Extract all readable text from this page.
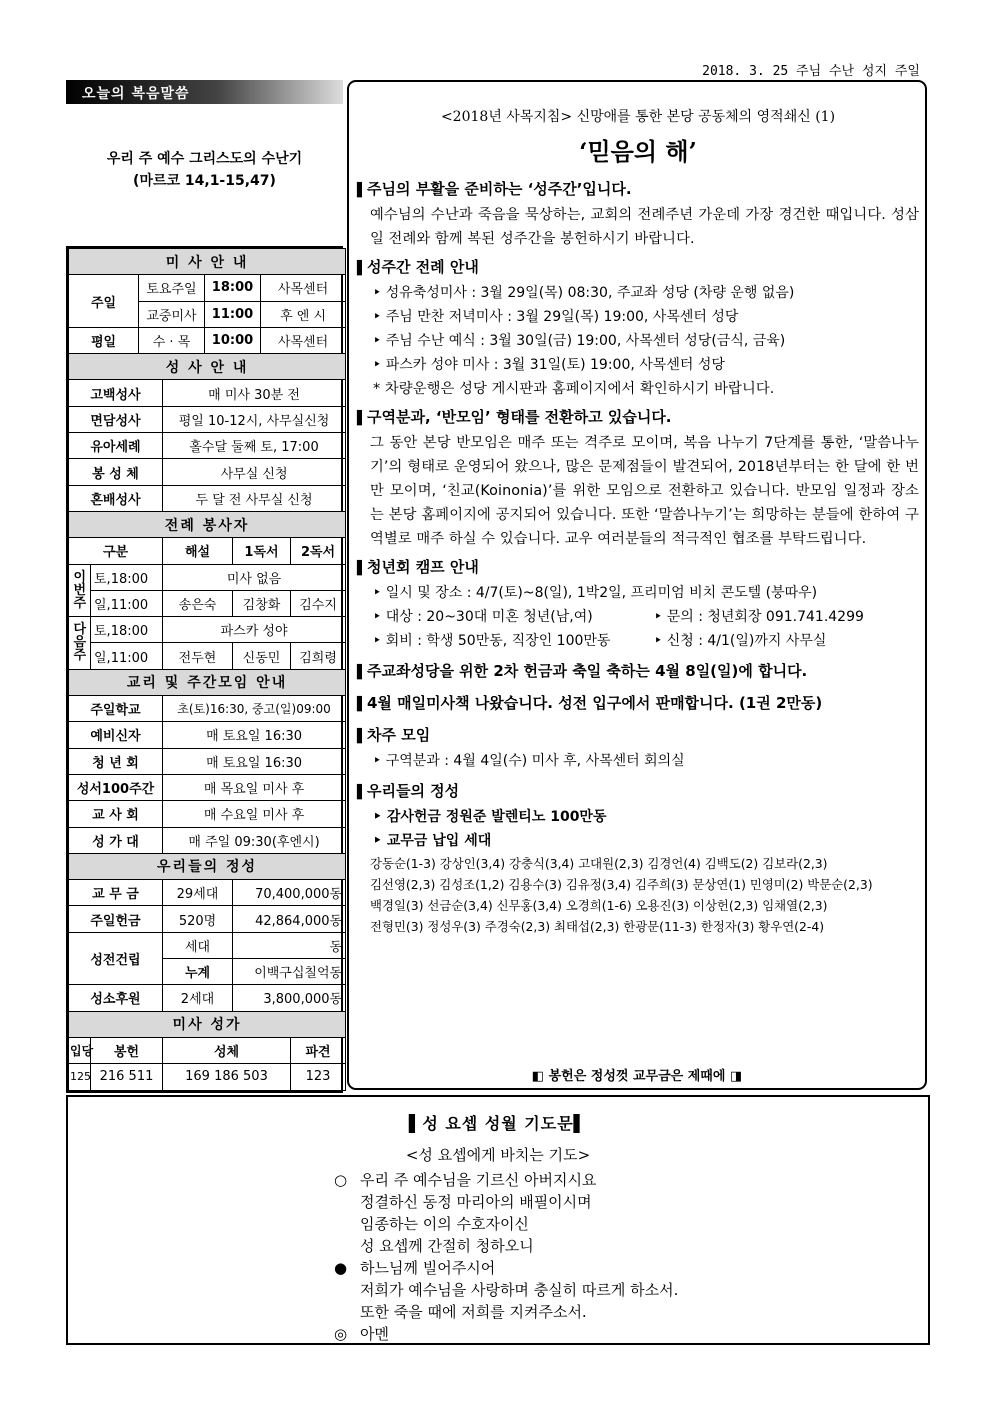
2018. 3. 25 주님 수난 성지 주일
오늘의 복음말씀
우리 주 예수 그리스도의 수난기
(마르코 14,1-15,47)
미 사 안 내							
주일		토요주일		18:00		사목센터	
		교중미사		11:00		후 엔 시	
평일		수 · 목		10:00		사목센터	
성 사 안 내							
고백성사			매 미사 30분 전				
면담성사			평일 10-12시, 사무실신청				
유아세례			홀수달 둘째 토, 17:00				
봉 성 체			사무실 신청				
혼배성사			두 달 전 사무실 신청				
전례 봉사자							
구분			해설		1독서		2독서

이번주	토,18:00		미사 없음				
	일,11:00		송은숙		김창화		김수지

다음주	토,18:00		파스카 성야				
	일,11:00		전두현		신동민		김희령
교리 및 주간모임 안내							
주일학교			초(토)16:30, 중고(일)09:00				
예비신자			매 토요일 16:30				
청 년 회			매 토요일 16:30				
성서100주간			매 목요일 미사 후				
교 사 회			매 수요일 미사 후				
성 가 대			매 주일 09:30(후엔시)				
우리들의 정성							
교 무 금			29세대		70,400,000동		
주일헌금			520명		42,864,000동		
성전건립			세대		동		
			누계		이백구십칠억동		
성소후원			2세대		3,800,000동		
미사 성가							
입당	봉헌		성체				파견
125	216 511		169 186 503				123
<2018년 사목지침> 신망애를 통한 본당 공동체의 영적쇄신 (1)
‘믿음의 해’
▌ 주님의 부활을 준비하는 ‘성주간’입니다.
예수님의 수난과 죽음을 묵상하는, 교회의 전례주년 가운데 가장 경건한 때입니다. 성삼일 전례와 함께 복된 성주간을 봉헌하시기 바랍니다.
▌ 성주간 전례 안내
‣ 성유축성미사 : 3월 29일(목) 08:30, 주교좌 성당 (차량 운행 없음)
‣ 주님 만찬 저녁미사 : 3월 29일(목) 19:00, 사목센터 성당
‣ 주님 수난 예식 : 3월 30일(금) 19:00, 사목센터 성당(금식, 금육)
‣ 파스카 성야 미사 : 3월 31일(토) 19:00, 사목센터 성당
* 차량운행은 성당 게시판과 홈페이지에서 확인하시기 바랍니다.
▌ 구역분과, ‘반모임’ 형태를 전환하고 있습니다.
그 동안 본당 반모임은 매주 또는 격주로 모이며, 복음 나누기 7단계를 통한, ‘말씀나누기’의 형태로 운영되어 왔으나, 많은 문제점들이 발견되어, 2018년부터는 한 달에 한 번만 모이며, ‘친교(Koinonia)’를 위한 모임으로 전환하고 있습니다. 반모임 일정과 장소는 본당 홈페이지에 공지되어 있습니다. 또한 ‘말씀나누기’는 희망하는 분들에 한하여 구역별로 매주 하실 수 있습니다. 교우 여러분들의 적극적인 협조를 부탁드립니다.
▌ 청년회 캠프 안내
‣ 일시 및 장소 : 4/7(토)~8(일), 1박2일, 프리미엄 비치 콘도텔 (붕따우)
‣ 대상 : 20~30대 미혼 청년(남,여)	‣ 문의 : 청년회장 091.741.4299
‣ 회비 : 학생 50만동, 직장인 100만동	‣ 신청 : 4/1(일)까지 사무실
▌ 주교좌성당을 위한 2차 헌금과 축일 축하는 4월 8일(일)에 합니다.
▌ 4월 매일미사책 나왔습니다. 성전 입구에서 판매합니다. (1권 2만동)
▌ 차주 모임
‣ 구역분과 : 4월 4일(수) 미사 후, 사목센터 회의실
▌ 우리들의 정성
‣ 감사헌금 정원준 발렌티노 100만동
‣ 교무금 납입 세대
강동순(1-3) 강상인(3,4) 강충식(3,4) 고대원(2,3) 김경언(4) 김백도(2) 김보라(2,3)
김선영(2,3) 김성조(1,2) 김용수(3) 김유정(3,4) 김주희(3) 문상연(1) 민영미(2) 박문순(2,3)
백경일(3) 선금순(3,4) 신무홍(3,4) 오경희(1-6) 오용진(3) 이상헌(2,3) 임채열(2,3)
전형민(3) 정성우(3) 주경숙(2,3) 최태섭(2,3) 한광문(11-3) 한정자(3) 황우연(2-4)
◧ 봉헌은 정성껏 교무금은 제때에 ◨
▌성 요셉 성월 기도문▌
<성 요셉에게 바치는 기도>
○ 우리 주 예수님을 기르신 아버지시요
정결하신 동정 마리아의 배필이시며
임종하는 이의 수호자이신
성 요셉께 간절히 청하오니
● 하느님께 빌어주시어
저희가 예수님을 사랑하며 충실히 따르게 하소서.
또한 죽을 때에 저희를 지켜주소서.
◎ 아멘
